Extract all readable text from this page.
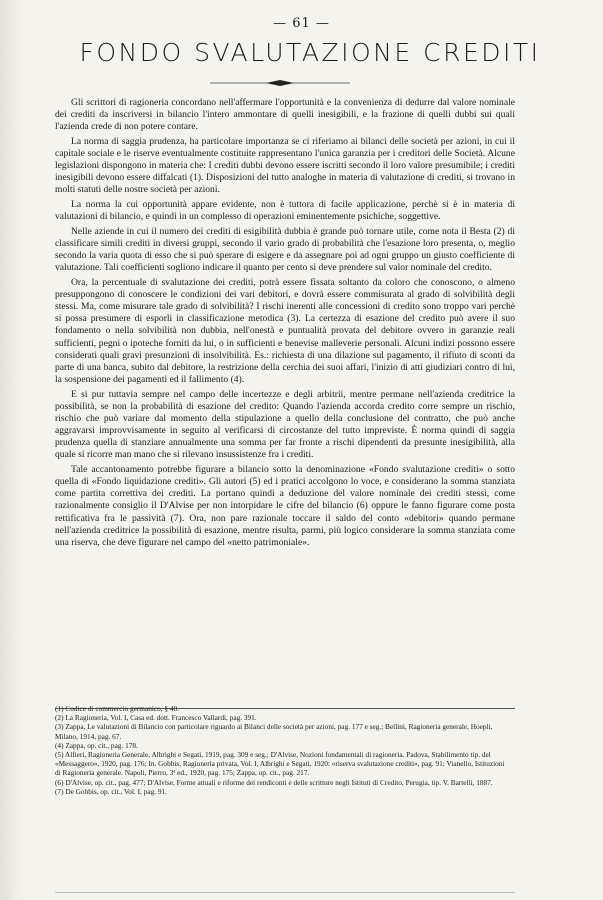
·
·
·
·
·
·
·
·
·
·
·
·
·
·
·
·
·
·
·
·
·
·
·
·
·
·
·
·
·
·
·
·
— 61 —
FONDO SVALUTAZIONE CREDITI

Gli scrittori di ragioneria concordano nell'affermare l'opportunità e la convenienza di dedurre dal valore nominale dei crediti da inscriversi in bilancio l'intero ammontare di quelli inesigibili, e la frazione di quelli dubbi sui quali l'azienda crede di non potere contare.

La norma di saggia prudenza, ha particolare importanza se ci riferiamo ai bilanci delle società per azioni, in cui il capitale sociale e le riserve eventualmente costituite rappresentano l'unica garanzia per i creditori delle Società. Alcune legislazioni dispongono in materia che: I crediti dubbi devono essere iscritti secondo il loro valore presumibile; i crediti inesigibili devono essere diffalcati (1). Disposizioni del tutto analoghe in materia di valutazione di crediti, si trovano in molti statuti delle nostre società per azioni.

La norma la cui opportunità appare evidente, non è tuttora di facile applicazione, perchè si è in materia di valutazioni di bilancio, e quindi in un complesso di operazioni eminentemente psichiche, soggettive.

Nelle aziende in cui il numero dei crediti di esigibilità dubbia è grande può tornare utile, come nota il Besta (2) di classificare simili crediti in diversi gruppi, secondo il vario grado di probabilità che l'esazione loro presenta, o, meglio secondo la varia quota di esso che si può sperare di esigere e da assegnare poi ad ogni gruppo un giusto coefficiente di valutazione. Tali coefficienti sogliono indicare il quanto per cento si deve prendere sul valor nominale del credito.

Ora, la percentuale di svalutazione dei crediti, potrà essere fissata soltanto da coloro che conoscono, o almeno presuppongono di conoscere le condizioni dei vari debitori, e dovrà essere commisurata al grado di solvibilità degli stessi. Ma, come misurare tale grado di solvibilità? I rischi inerenti alle concessioni di credito sono troppo vari perchè si possa presumere di esporli in classificazione metodica (3). La certezza di esazione del credito può avere il suo fondamento o nella solvibilità non dubbia, nell'onestà e puntualità provata del debitore ovvero in garanzie reali sufficienti, pegni o ipoteche forniti da lui, o in sufficienti e benevise malleverie personali. Alcuni indizi possono essere considerati quali gravi presunzioni di insolvibilità. Es.: richiesta di una dilazione sul pagamento, il rifiuto di sconti da parte di una banca, subito dal debitore, la restrizione della cerchia dei suoi affari, l'inizio di atti giudiziari contro di lui, la sospensione dei pagamenti ed il fallimento (4).

E si pur tuttavia sempre nel campo delle incertezze e degli arbitrii, mentre permane nell'azienda creditrice la possibilità, se non la probabilità di esazione del credito: Quando l'azienda accorda credito corre sempre un rischio, rischio che può variare dal momento della stipulazione a quello della conclusione del contratto, che può anche aggravarsi improvvisamente in seguito al verificarsi di circostanze del tutto impreviste. È norma quindi di saggia prudenza quella di stanziare annualmente una somma per far fronte a rischi dipendenti da presunte inesigibilità, alla quale si ricorre man mano che si rilevano insussistenze fra i crediti.

Tale accantonamento potrebbe figurare a bilancio sotto la denominazione «Fondo svalutazione crediti» o sotto quella di «Fondo liquidazione crediti». Gli autori (5) ed i pratici accolgono lo voce, e considerano la somma stanziata come partita correttiva dei crediti. La portano quindi a deduzione del valore nominale dei crediti stessi, come razionalmente consiglio il D'Alvise per non intorpidare le cifre del bilancio (6) oppure le fanno figurare come posta rettificativa fra le passività (7). Ora, non pare razionale toccare il saldo del conto «debitori» quando permane nell'azienda creditrice la possibilità di esazione, mentre risulta, parmi, più logico considerare la somma stanziata come una riserva, che deve figurare nel campo del «netto patrimoniale».

(1) Codice di commercio germanico, § 40.
(2) La Ragioneria, Vol. I, Casa ed. dott. Francesco Vallardi, pag. 391.
(3) Zappa, Le valutazioni di Bilancio con particolare riguardo ai Bilanci delle società per azioni, pag. 177 e seg.; Bellini, Ragioneria generale, Hoepli, Milano, 1914, pag. 67.
(4) Zappa, op. cit., pag. 178.
(5) Alfieri, Ragioneria Generale, Albrighi e Segati, 1919, pag. 309 e seg.; D'Alvise, Nozioni fondamentali di ragioneria. Padova, Stabilimento tip. del «Messaggero», 1920, pag. 176; In. Gobbis, Ragioneria privata, Vol. I, Albrighi e Segati, 1920: «riserva svalutazione crediti», pag. 91; Vianello, Istituzioni di Ragioneria generale. Napoli, Pierro, 3ª ed., 1920, pag. 175; Zappa, op. cit., pag. 217.
(6) D'Alvise, op. cit., pag. 477; D'Alvise, Forme attuali e riforme dei rendiconti e delle scritture negli Istituti di Credito, Perugia, tip. V. Bartelli, 1887.
(7) De Gobbis, op. cit., Vol. I, pag. 91.
